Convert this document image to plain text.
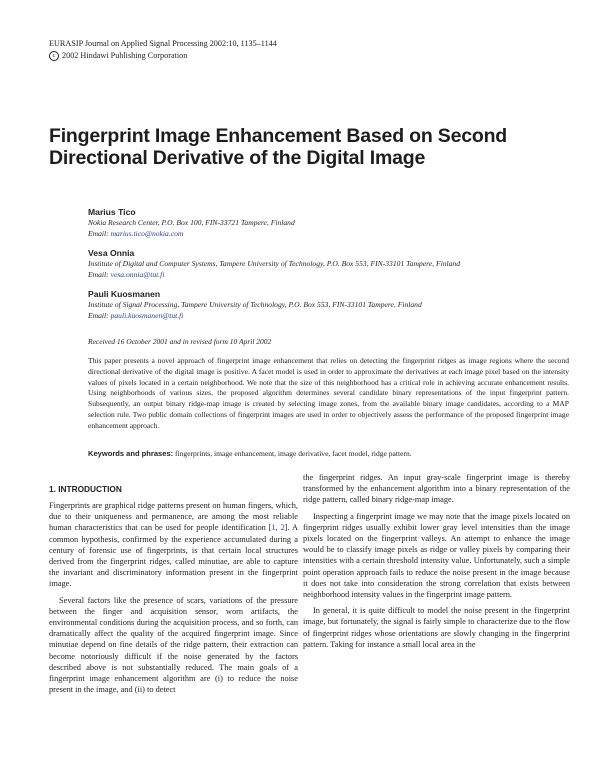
EURASIP Journal on Applied Signal Processing 2002:10, 1135–1144
c 2002 Hindawi Publishing Corporation
Fingerprint Image Enhancement Based on Second Directional Derivative of the Digital Image
Marius Tico
Nokia Research Center, P.O. Box 100, FIN-33721 Tampere, Finland
Email: marius.tico@nokia.com
Vesa Onnia
Institute of Digital and Computer Systems, Tampere University of Technology, P.O. Box 553, FIN-33101 Tampere, Finland
Email: vesa.onnia@tut.fi
Pauli Kuosmanen
Institute of Signal Processing, Tampere University of Technology, P.O. Box 553, FIN-33101 Tampere, Finland
Email: pauli.kuosmanen@tut.fi
Received 16 October 2001 and in revised form 10 April 2002

This paper presents a novel approach of fingerprint image enhancement that relies on detecting the fingerprint ridges as image regions where the second directional derivative of the digital image is positive. A facet model is used in order to approximate the derivatives at each image pixel based on the intensity values of pixels located in a certain neighborhood. We note that the size of this neighborhood has a critical role in achieving accurate enhancement results. Using neighborhoods of various sizes, the proposed algorithm determines several candidate binary representations of the input fingerprint pattern. Subsequently, an output binary ridge-map image is created by selecting image zones, from the available binary image candidates, according to a MAP selection rule. Two public domain collections of fingerprint images are used in order to objectively assess the performance of the proposed fingerprint image enhancement approach.

Keywords and phrases: fingerprints, image enhancement, image derivative, facet model, ridge pattern.
1. INTRODUCTION

Fingerprints are graphical ridge patterns present on human fingers, which, due to their uniqueness and permanence, are among the most reliable human characteristics that can be used for people identification [1, 2]. A common hypothesis, confirmed by the experience accumulated during a century of forensic use of fingerprints, is that certain local structures derived from the fingerprint ridges, called minutiae, are able to capture the invariant and discriminatory information present in the fingerprint image.

Several factors like the presence of scars, variations of the pressure between the finger and acquisition sensor, worn artifacts, the environmental conditions during the acquisition process, and so forth, can dramatically affect the quality of the acquired fingerprint image. Since minutiae depend on fine details of the ridge pattern, their extraction can become notoriously difficult if the noise generated by the factors described above is not substantially reduced. The main goals of a fingerprint image enhancement algorithm are (i) to reduce the noise present in the image, and (ii) to detect

the fingerprint ridges. An input gray-scale fingerprint image is thereby transformed by the enhancement algorithm into a binary representation of the ridge pattern, called binary ridge-map image.

Inspecting a fingerprint image we may note that the image pixels located on fingerprint ridges usually exhibit lower gray level intensities than the image pixels located on the fingerprint valleys. An attempt to enhance the image would be to classify image pixels as ridge or valley pixels by comparing their intensities with a certain threshold intensity value. Unfortunately, such a simple point operation approach fails to reduce the noise present in the image because it does not take into consideration the strong correlation that exists between neighborhood intensity values in the fingerprint image pattern.

In general, it is quite difficult to model the noise present in the fingerprint image, but fortunately, the signal is fairly simple to characterize due to the flow of fingerprint ridges whose orientations are slowly changing in the fingerprint pattern. Taking for instance a small local area in the
